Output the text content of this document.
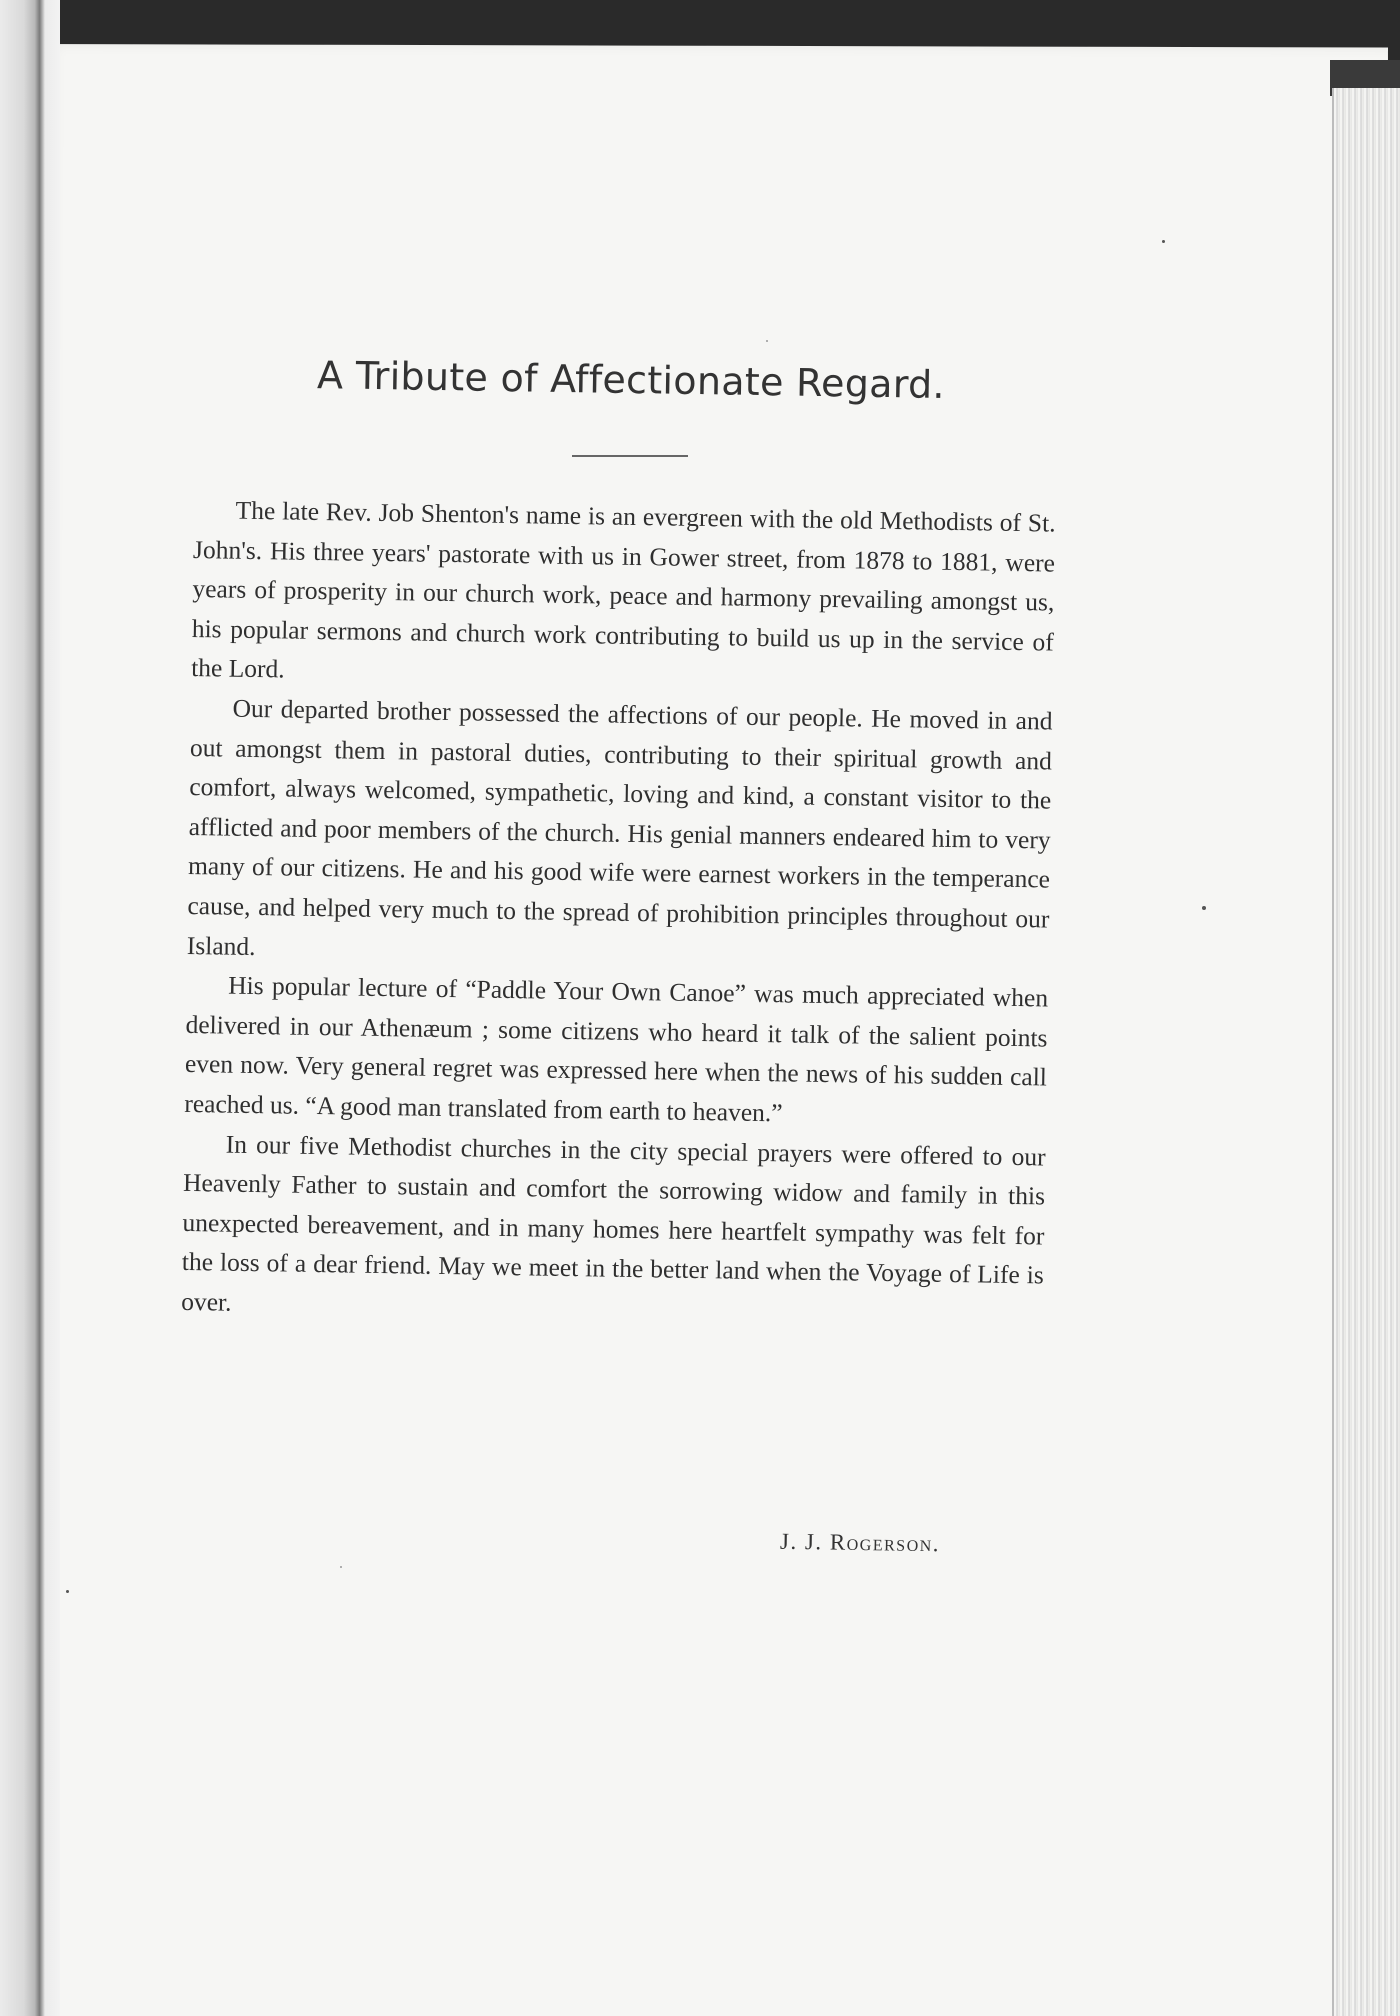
A Tribute of Affectionate Regard.

The late Rev. Job Shenton's name is an evergreen with the old Methodists of St. John's. His three years' pastorate with us in Gower street, from 1878 to 1881, were years of prosperity in our church work, peace and harmony prevailing amongst us, his popular sermons and church work contributing to build us up in the service of the Lord.

Our departed brother possessed the affections of our people. He moved in and out amongst them in pastoral duties, contributing to their spiritual growth and comfort, always welcomed, sympathetic, loving and kind, a constant visitor to the afflicted and poor members of the church. His genial manners endeared him to very many of our citizens. He and his good wife were earnest workers in the temperance cause, and helped very much to the spread of prohibition principles throughout our Island.

His popular lecture of “Paddle Your Own Canoe” was much appreciated when delivered in our Athenæum ; some citizens who heard it talk of the salient points even now. Very general regret was expressed here when the news of his sudden call reached us. “A good man translated from earth to heaven.”

In our five Methodist churches in the city special prayers were offered to our Heavenly Father to sustain and comfort the sorrowing widow and family in this unexpected bereavement, and in many homes here heartfelt sympathy was felt for the loss of a dear friend. May we meet in the better land when the Voyage of Life is over.

J. J. Rogerson.
